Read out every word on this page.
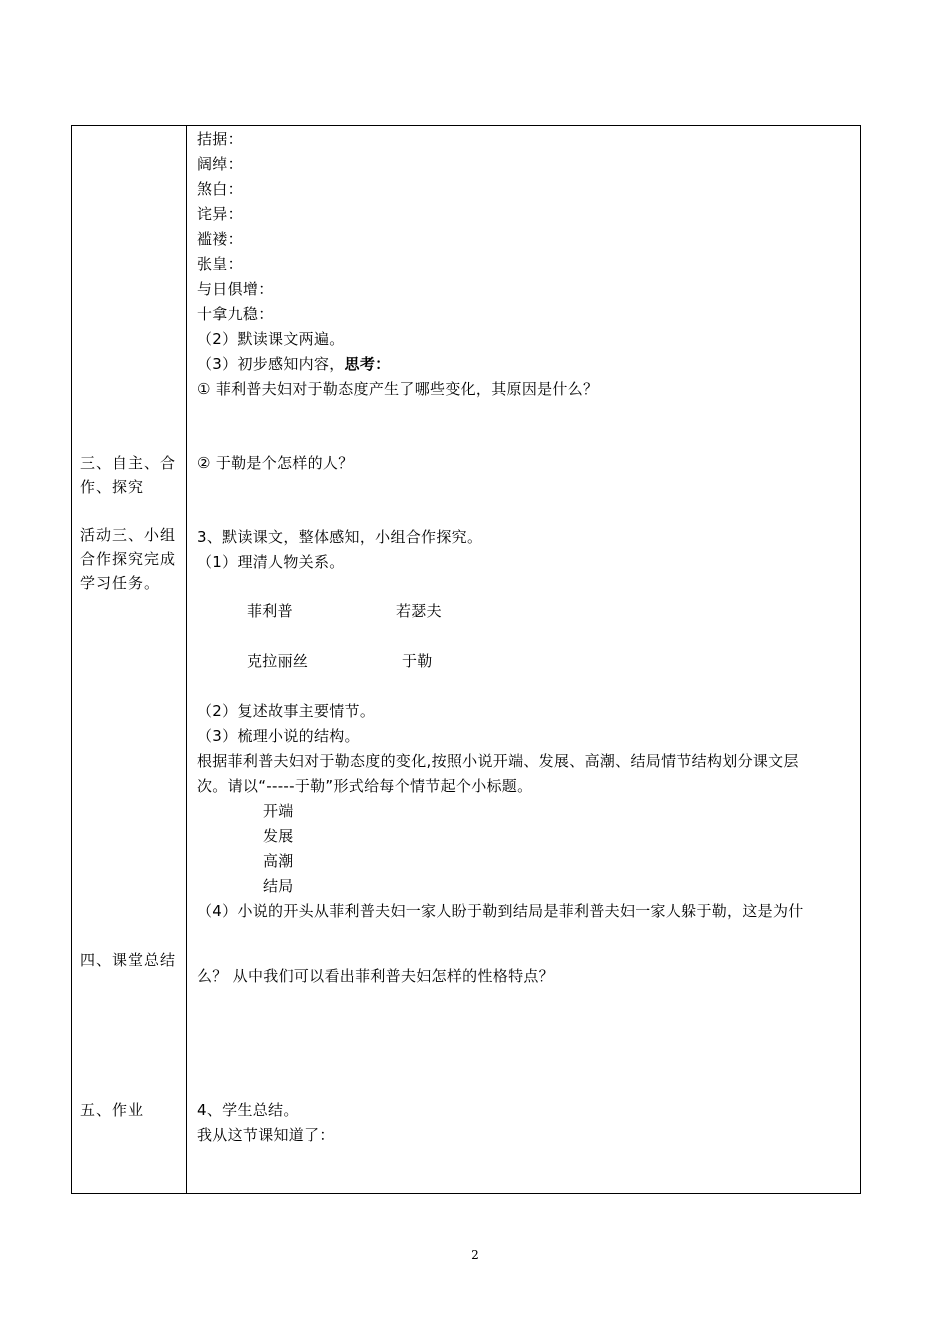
三、自主、合作、探究
活动三、小组合作探究完成学习任务。
四、课堂总结
五、作业
拮据：
阔绰：
煞白：
诧异：
褴褛：
张皇：
与日俱增：
十拿九稳：
（2）默读课文两遍。
（3）初步感知内容，思考：
① 菲利普夫妇对于勒态度产生了哪些变化，其原因是什么？
② 于勒是个怎样的人？
3、默读课文，整体感知，小组合作探究。
（1）理清人物关系。
菲利普	若瑟夫
克拉丽丝	于勒
（2）复述故事主要情节。
（3）梳理小说的结构。
根据菲利普夫妇对于勒态度的变化,按照小说开端、发展、高潮、结局情节结构划分课文层
次。请以“-----于勒”形式给每个情节起个小标题。
开端
发展
高潮
结局
（4）小说的开头从菲利普夫妇一家人盼于勒到结局是菲利普夫妇一家人躲于勒，这是为什
么？ 从中我们可以看出菲利普夫妇怎样的性格特点？
4、学生总结。
我从这节课知道了：
2
